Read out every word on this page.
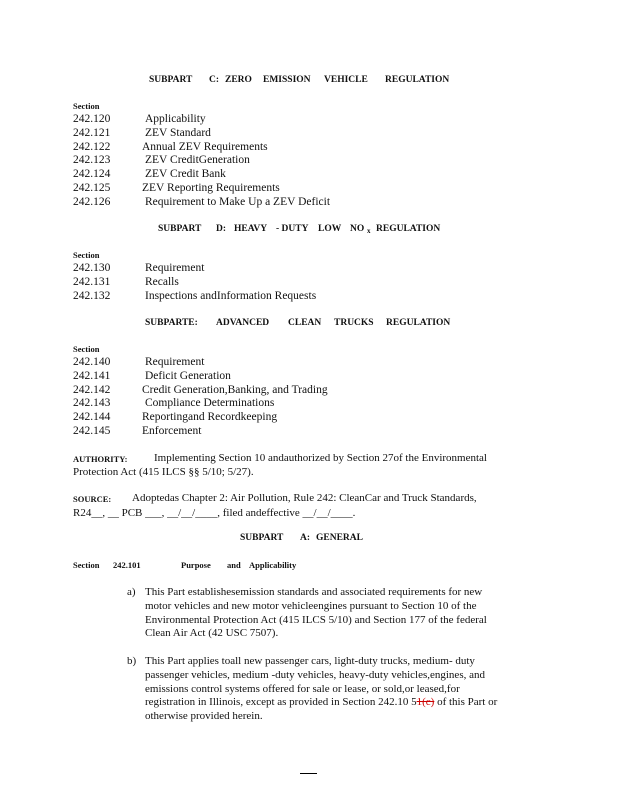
SUBPART C: ZERO EMISSION VEHICLE REGULATION
Section
242.120	Applicability
242.121	ZEV Standard
242.122	Annual ZEV Requirements
242.123	ZEV CreditGeneration
242.124	ZEV Credit Bank
242.125	ZEV Reporting Requirements
242.126	Requirement to Make Up a ZEV Deficit
SUBPART D: HEAVY - DUTY LOW NO x REGULATION
Section
242.130	Requirement
242.131	Recalls
242.132	Inspections andInformation Requests
SUBPARTE: ADVANCED CLEAN TRUCKS REGULATION
Section
242.140	Requirement
242.141	Deficit Generation
242.142	Credit Generation,Banking, and Trading
242.143	Compliance Determinations
242.144	Reportingand Recordkeeping
242.145	Enforcement
AUTHORITY: Implementing Section 10 andauthorized by Section 27of the Environmental
Protection Act (415 ILCS §§ 5/10; 5/27).
SOURCE: Adoptedas Chapter 2: Air Pollution, Rule 242: CleanCar and Truck Standards,
R24__, __ PCB ___, __/__/____, filed andeffective __/__/____.
SUBPART A: GENERAL
Section 242.101	Purpose and Applicability
a) This Part establishesemission standards and associated requirements for new
motor vehicles and new motor vehicleengines pursuant to Section 10 of the
Environmental Protection Act (415 ILCS 5/10) and Section 177 of the federal
Clean Air Act (42 USC 7507).
b) This Part applies toall new passenger cars, light-duty trucks, medium- duty
passenger vehicles, medium -duty vehicles, heavy-duty vehicles,engines, and
emissions control systems offered for sale or lease, or sold,or leased,for
registration in Illinois, except as provided in Section 242.10 51(c) of this Part or
otherwise provided herein.
